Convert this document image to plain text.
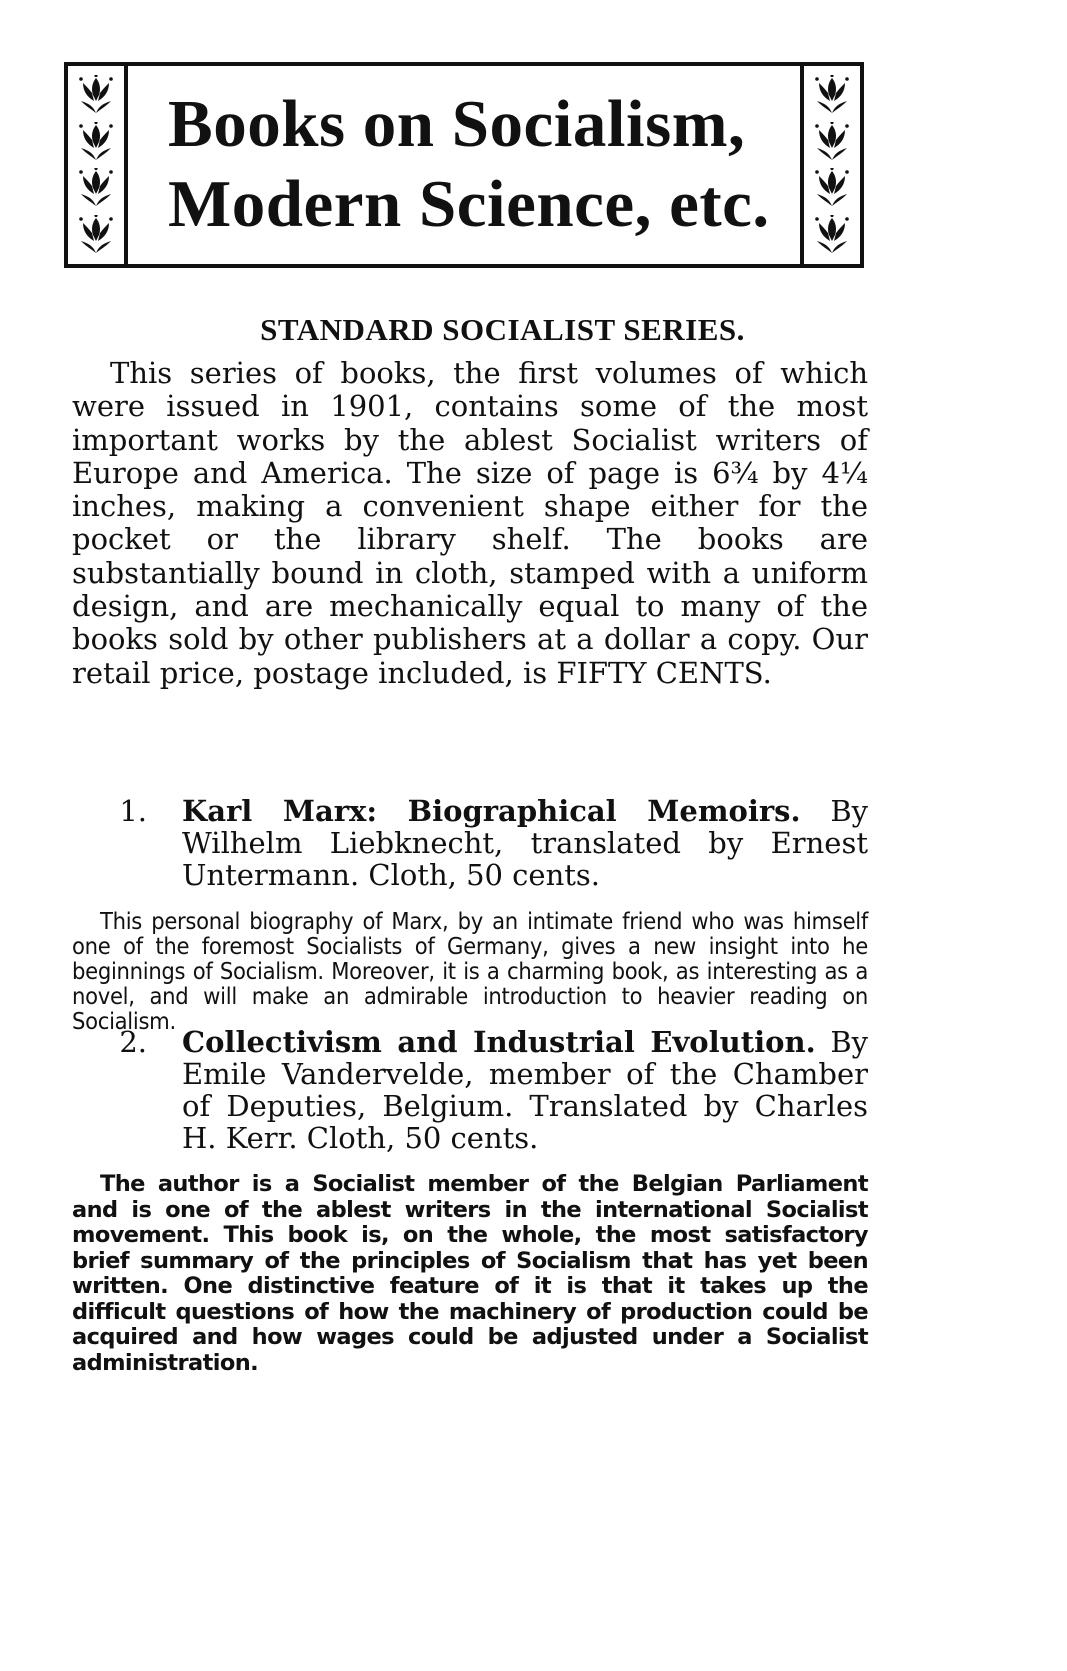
Books on Socialism,
Modern Science, etc.
STANDARD SOCIALIST SERIES.

This series of books, the first volumes of which were issued in 1901, contains some of the most important works by the ablest Socialist writers of Europe and America. The size of page is 6¾ by 4¼ inches, making a convenient shape either for the pocket or the library shelf. The books are substantially bound in cloth, stamped with a uniform design, and are mechanically equal to many of the books sold by other publishers at a dollar a copy. Our retail price, postage included, is FIFTY CENTS.

1. Karl Marx: Biographical Memoirs. By Wilhelm Liebknecht, translated by Ernest Untermann. Cloth, 50 cents.

This personal biography of Marx, by an intimate friend who was himself one of the foremost Socialists of Germany, gives a new insight into he beginnings of Socialism. Moreover, it is a charming book, as interesting as a novel, and will make an admirable introduction to heavier reading on Socialism.

2. Collectivism and Industrial Evolution. By Emile Vandervelde, member of the Chamber of Deputies, Belgium. Translated by Charles H. Kerr. Cloth, 50 cents.

The author is a Socialist member of the Belgian Parliament and is one of the ablest writers in the international Socialist movement. This book is, on the whole, the most satisfactory brief summary of the principles of Socialism that has yet been written. One distinctive feature of it is that it takes up the difficult questions of how the machinery of production could be acquired and how wages could be adjusted under a Socialist administration.
